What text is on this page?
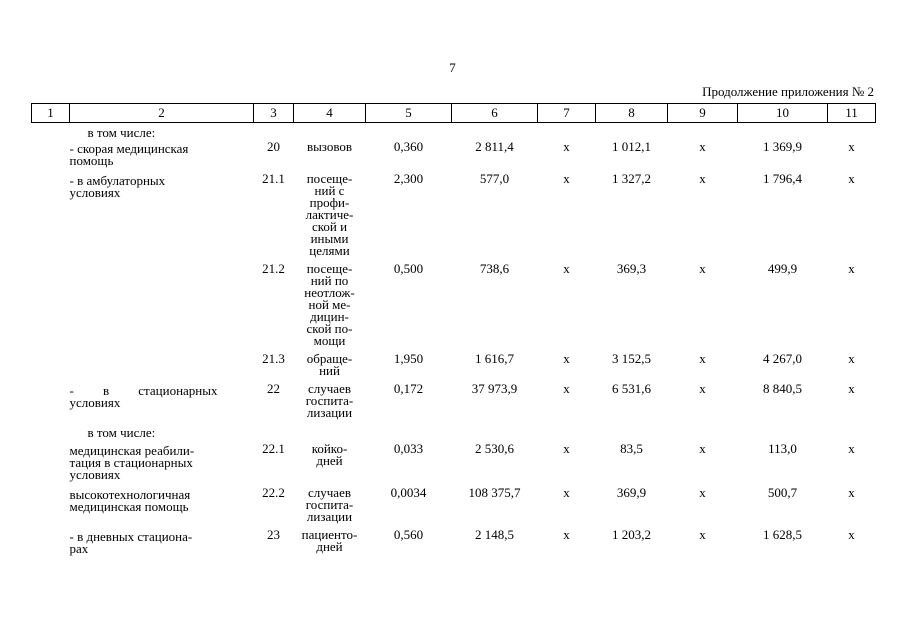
7
Продолжение приложения № 2
1	2	3	4	5	6	7	8	9	10	11

	в том числе:									

	- скорая медицинская помощь	20	вызовов	0,360	2 811,4	х	1 012,1	х	1 369,9	х

	- в амбулаторных условиях	21.1	посеще-ний с профи-лактиче-ской и иными целями	2,300	577,0	х	1 327,2	х	1 796,4	х
		21.2	посеще-ний по неотлож-ной ме-дицин-ской по-мощи	0,500	738,6	х	369,3	х	499,9	х
		21.3	обраще-ний	1,950	1 616,7	х	3 152,5	х	4 267,0	х

	- в стационарных условиях	22	случаев госпита-лизации	0,172	37 973,9	х	6 531,6	х	8 840,5	х

	в том числе:									

	медицинская реабили-тация в стационарных условиях	22.1	койко-дней	0,033	2 530,6	х	83,5	х	113,0	х

	высокотехнологичная медицинская помощь	22.2	случаев госпита-лизации	0,0034	108 375,7	х	369,9	х	500,7	х

	- в дневных стациона-рах	23	пациенто-дней	0,560	2 148,5	х	1 203,2	х	1 628,5	х
